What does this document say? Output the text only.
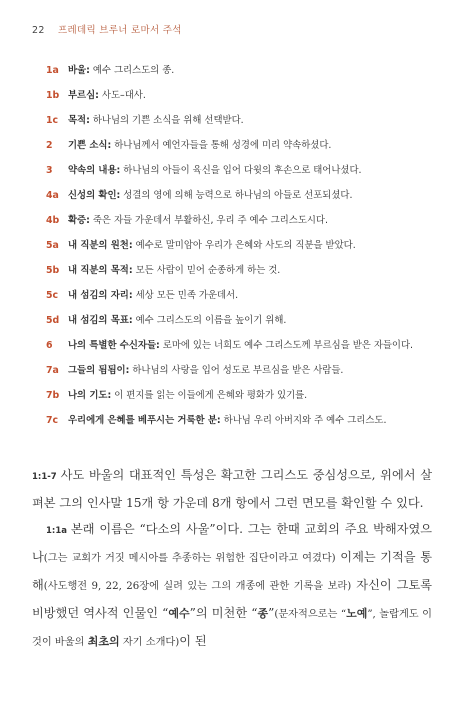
22 프레데릭 브루너 로마서 주석
1a 바울: 예수 그리스도의 종.
1b 부르심: 사도–대사.
1c	목적: 하나님의 기쁜 소식을 위해 선택받다.
2	기쁜 소식: 하나님께서 예언자들을 통해 성경에 미리 약속하셨다.
3	약속의 내용: 하나님의 아들이 육신을 입어 다윗의 후손으로 태어나셨다.
4a 신성의 확인: 성결의 영에 의해 능력으로 하나님의 아들로 선포되셨다.
4b 확증: 죽은 자들 가운데서 부활하신, 우리 주 예수 그리스도시다.
5a 내 직분의 원천: 예수로 말미암아 우리가 은혜와 사도의 직분을 받았다.
5b 내 직분의 목적: 모든 사람이 믿어 순종하게 하는 것.
5c	내 섬김의 자리: 세상 모든 민족 가운데서.
5d 내 섬김의 목표: 예수 그리스도의 이름을 높이기 위해.
6	나의 특별한 수신자들: 로마에 있는 너희도 예수 그리스도께 부르심을 받은 자들이다.
7a 그들의 됨됨이: 하나님의 사랑을 입어 성도로 부르심을 받은 사람들.
7b 나의 기도: 이 편지를 읽는 이들에게 은혜와 평화가 있기를.
7c	우리에게 은혜를 베푸시는 거룩한 분: 하나님 우리 아버지와 주 예수 그리스도.

1:1-7 사도 바울의 대표적인 특성은 확고한 그리스도 중심성으로, 위에서 살펴본 그의 인사말 15개 항 가운데 8개 항에서 그런 면모를 확인할 수 있다.

1:1a 본래 이름은 “다소의 사울”이다. 그는 한때 교회의 주요 박해자였으나(그는 교회가 거짓 메시아를 추종하는 위험한 집단이라고 여겼다) 이제는 기적을 통해(사도행전 9, 22, 26장에 실려 있는 그의 개종에 관한 기록을 보라) 자신이 그토록 비방했던 역사적 인물인 “예수”의 미천한 “종”(문자적으로는 “노예”, 놀랍게도 이것이 바울의 최초의 자기 소개다)이 된
